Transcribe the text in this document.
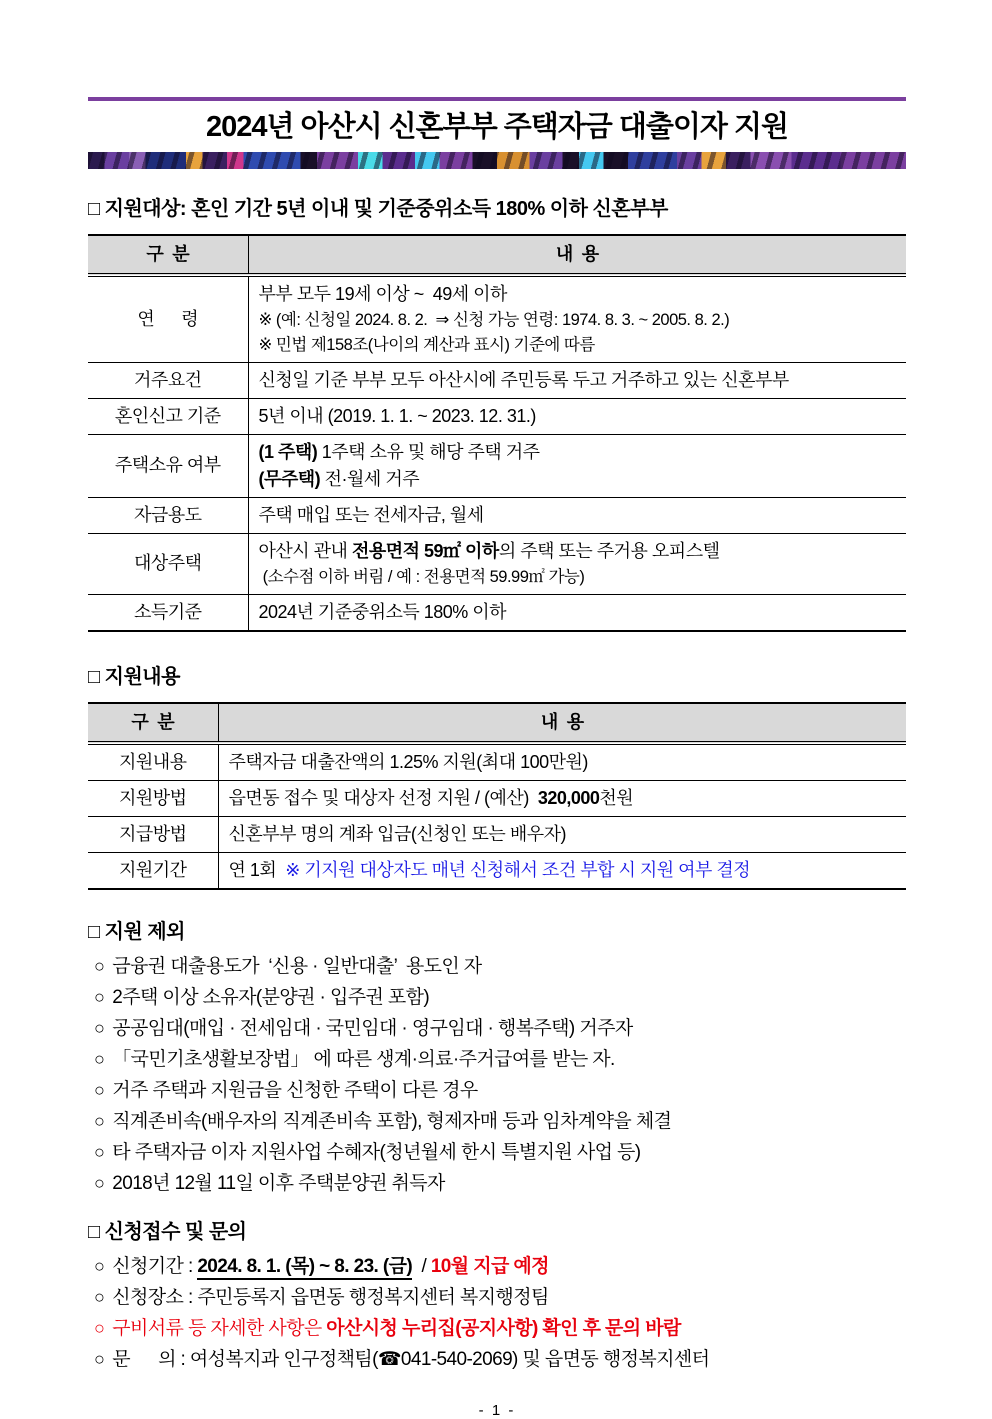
2024년 아산시 신혼부부 주택자금 대출이자 지원
□ 지원대상: 혼인 기간 5년 이내 및 기준중위소득 180% 이하 신혼부부
구  분	내  용
연      령	부부 모두 19세 이상 ~  49세 이하
※ (예: 신청일 2024. 8. 2.  ⇒ 신청 가능 연령: 1974. 8. 3. ~ 2005. 8. 2.)
※ 민법 제158조(나이의 계산과 표시) 기준에 따름

거주요건	신청일 기준 부부 모두 아산시에 주민등록 두고 거주하고 있는 신혼부부
혼인신고 기준	5년 이내 (2019. 1. 1. ~ 2023. 12. 31.)
주택소유 여부	(1 주택) 1주택 소유 및 해당 주택 거주
(무주택) 전·월세 거주

자금용도	주택 매입 또는 전세자금, 월세
대상주택	아산시 관내 전용면적 59㎡ 이하의 주택 또는 주거용 오피스텔
(소수점 이하 버림 / 예 : 전용면적 59.99㎡ 가능)

소득기준	2024년 기준중위소득 180% 이하
□ 지원내용
구  분	내  용
지원내용	주택자금 대출잔액의 1.25% 지원(최대 100만원)
지원방법	읍면동 접수 및 대상자 선정 지원 / (예산)  320,000천원
지급방법	신혼부부 명의 계좌 입금(신청인 또는 배우자)
지원기간	연 1회  ※ 기지원 대상자도 매년 신청해서 조건 부합 시 지원 여부 결정
□ 지원 제외
○ 금융권 대출용도가  ‘신용 · 일반대출’  용도인 자
○ 2주택 이상 소유자(분양권 · 입주권 포함)
○ 공공임대(매입 · 전세임대 · 국민임대 · 영구임대 · 행복주택) 거주자
○ 「국민기초생활보장법」 에 따른 생계·의료·주거급여를 받는 자.
○ 거주 주택과 지원금을 신청한 주택이 다른 경우
○ 직계존비속(배우자의 직계존비속 포함), 형제자매 등과 임차계약을 체결
○ 타 주택자금 이자 지원사업 수혜자(청년월세 한시 특별지원 사업 등)
○ 2018년 12월 11일 이후 주택분양권 취득자
□ 신청접수 및 문의
○ 신청기간 : 2024. 8. 1. (목) ~ 8. 23. (금)  / 10월 지급 예정
○ 신청장소 : 주민등록지 읍면동 행정복지센터 복지행정팀
○ 구비서류 등 자세한 사항은 아산시청 누리집(공지사항) 확인 후 문의 바람
○ 문      의 : 여성복지과 인구정책팀(☎041-540-2069) 및 읍면동 행정복지센터
- 1 -
